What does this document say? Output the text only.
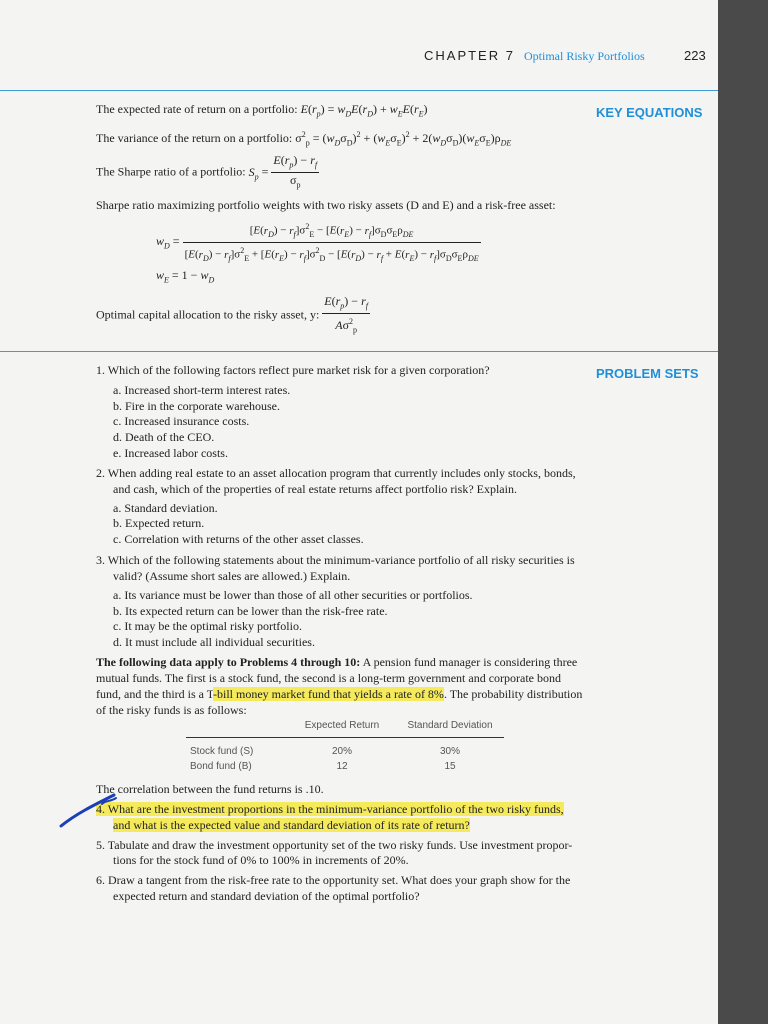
CHAPTER 7 Optimal Risky Portfolios	223
KEY EQUATIONS
The expected rate of return on a portfolio: $E(r_p) = w_DE(r_D) + w_EE(r_E)$
The variance of the return on a portfolio: $\sigma^2_p = (w_D\sigma_D)^2 + (w_E\sigma_E)^2 + 2(w_D\sigma_D)(w_E\sigma_E)\rho_{DE}$
The Sharpe ratio of a portfolio: $S_p = \frac{E(r_p) - r_f}{\sigma_p}$
Sharpe ratio maximizing portfolio weights with two risky assets (D and E) and a risk-free asset:
$w_D$ =
$[E(r_D) - r_f]\sigma^2_E - [E(r_E) - r_f]\sigma_D\sigma_E\rho_{DE}$
$[E(r_D) - r_f]\sigma^2_E + [E(r_E) - r_f]\sigma^2_D - [E(r_D) - r_f + E(r_E) - r_f]\sigma_D\sigma_E\rho_{DE}$
$w_E = 1 - w_D$
Optimal capital allocation to the risky asset, y: $\frac{E(r_p) - r_f}{A\sigma^2_p}$
PROBLEM SETS
1. Which of the following factors reflect pure market risk for a given corporation?
a. Increased short-term interest rates.
b. Fire in the corporate warehouse.
c. Increased insurance costs.
d. Death of the CEO.
e. Increased labor costs.
2. When adding real estate to an asset allocation program that currently includes only stocks, bonds,
and cash, which of the properties of real estate returns affect portfolio risk? Explain.
a. Standard deviation.
b. Expected return.
c. Correlation with returns of the other asset classes.
3. Which of the following statements about the minimum-variance portfolio of all risky securities is
valid? (Assume short sales are allowed.) Explain.
a. Its variance must be lower than those of all other securities or portfolios.
b. Its expected return can be lower than the risk-free rate.
c. It may be the optimal risky portfolio.
d. It must include all individual securities.
The following data apply to Problems 4 through 10: A pension fund manager is considering three
mutual funds. The first is a stock fund, the second is a long-term government and corporate bond
fund, and the third is a T-bill money market fund that yields a rate of 8%. The probability distribution
of the risky funds is as follows:
	Expected Return	Standard Deviation
Stock fund (S)	20%	30%
Bond fund (B)	12	15
The correlation between the fund returns is .10.
4. What are the investment proportions in the minimum-variance portfolio of the two risky funds,
and what is the expected value and standard deviation of its rate of return?
5. Tabulate and draw the investment opportunity set of the two risky funds. Use investment propor-
tions for the stock fund of 0% to 100% in increments of 20%.
6. Draw a tangent from the risk-free rate to the opportunity set. What does your graph show for the
expected return and standard deviation of the optimal portfolio?
